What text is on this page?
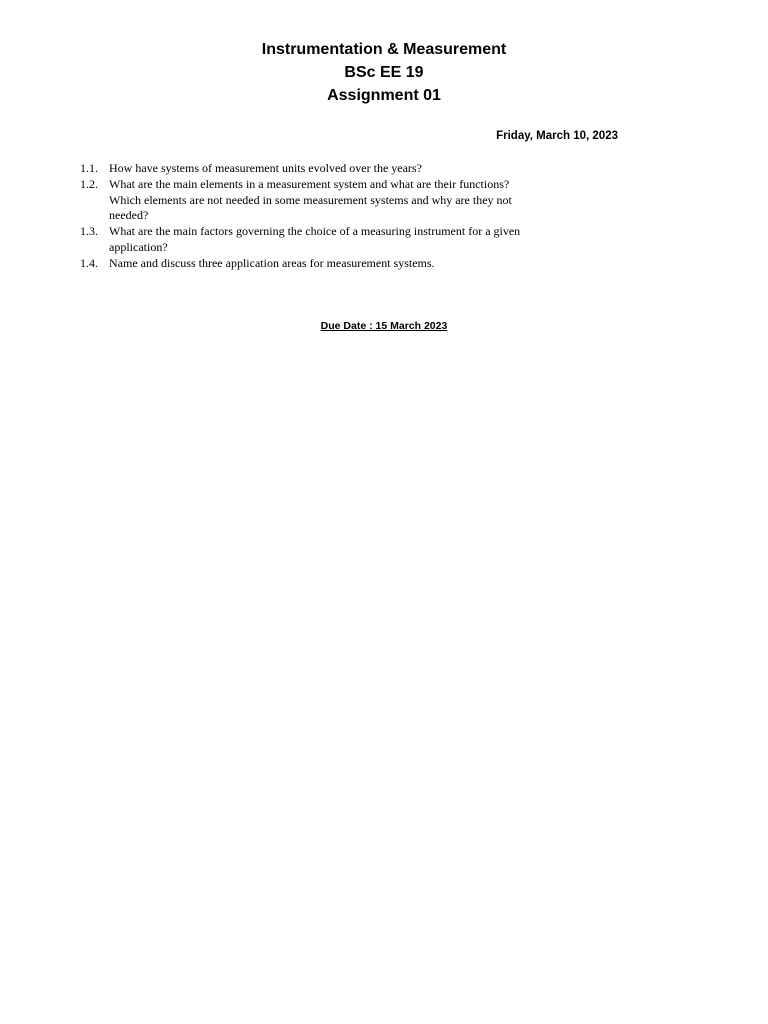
Instrumentation & Measurement
BSc EE 19
Assignment 01
Friday, March 10, 2023
1.1. How have systems of measurement units evolved over the years?
1.2. What are the main elements in a measurement system and what are their functions?
Which elements are not needed in some measurement systems and why are they not
needed?
1.3. What are the main factors governing the choice of a measuring instrument for a given
application?
1.4. Name and discuss three application areas for measurement systems.
Due Date : 15 March 2023
